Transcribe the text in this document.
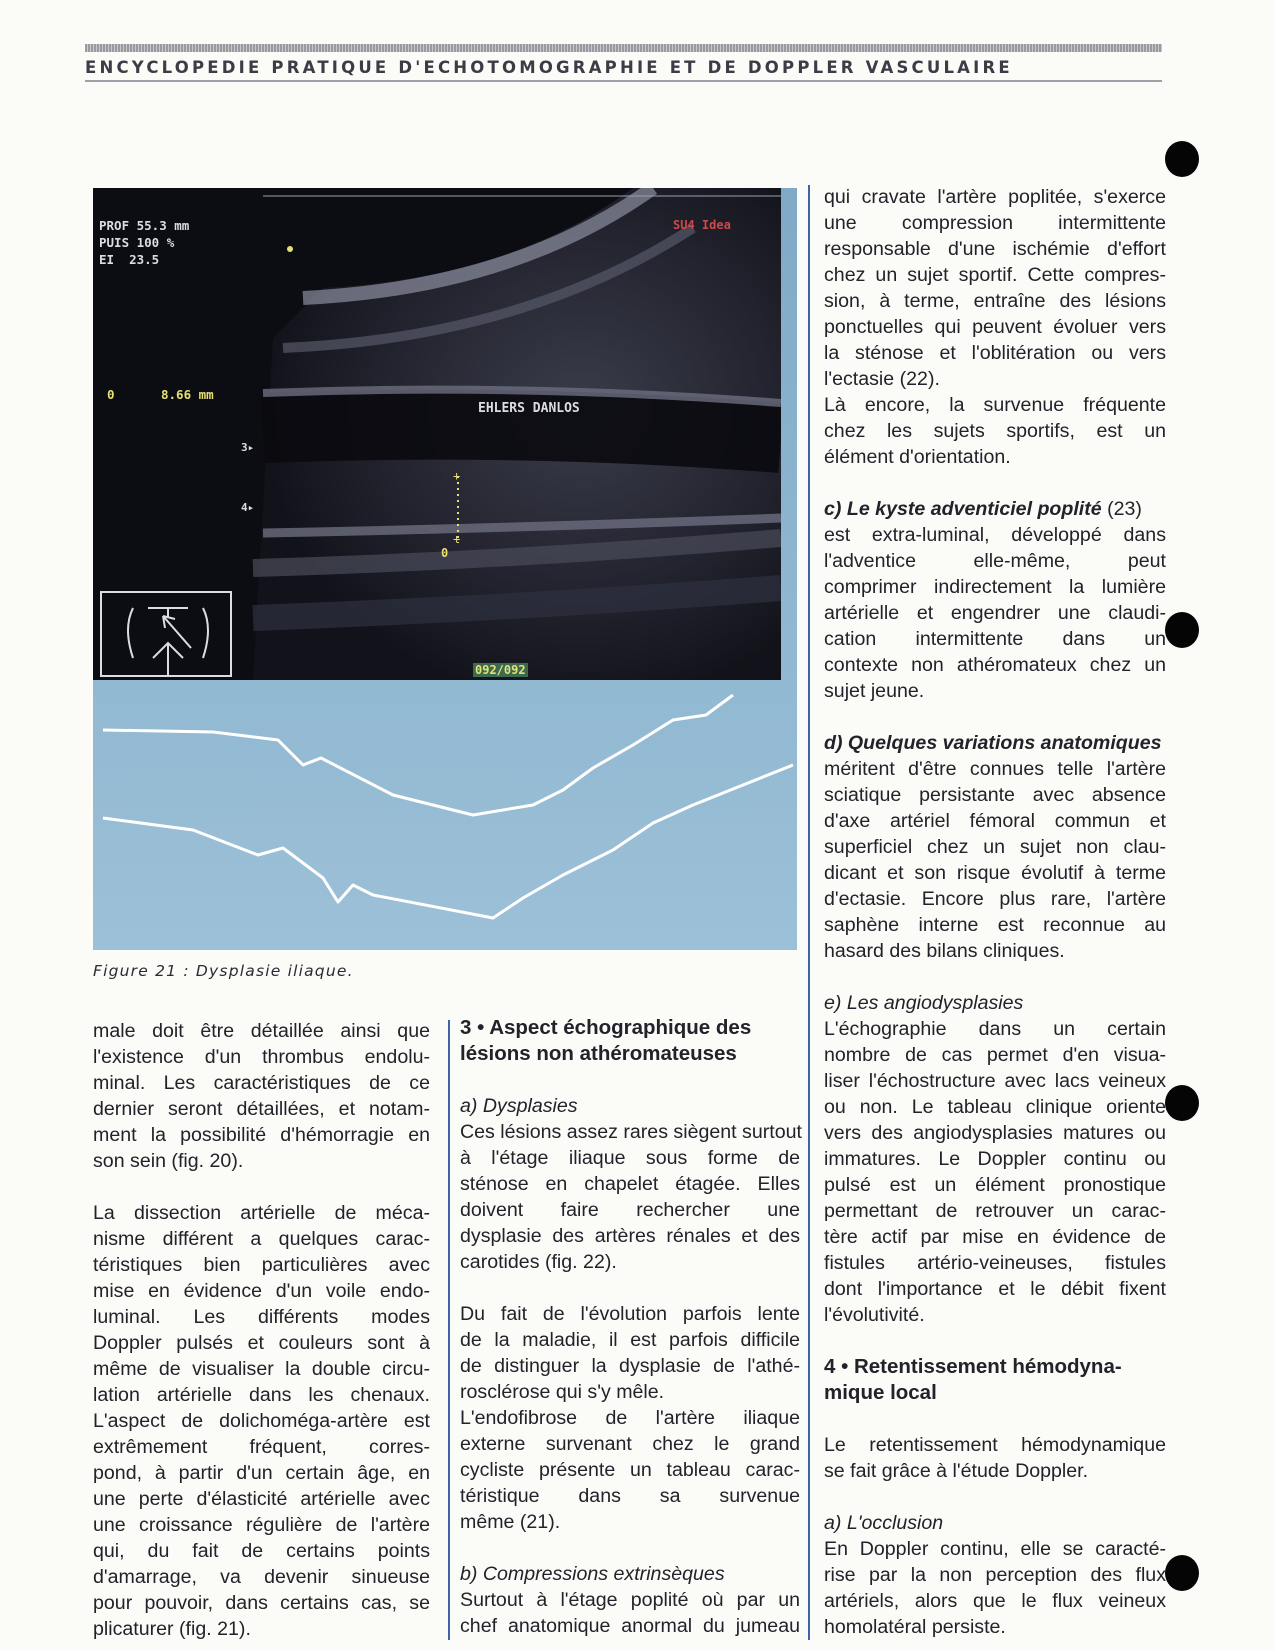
ENCYCLOPEDIE PRATIQUE D'ECHOTOMOGRAPHIE ET DE DOPPLER VASCULAIRE
+
+
PROF 55.3 mm
PUIS 100 %
EI  23.5
0	8.66 mm
SU4 Idea
EHLERS DANLOS
3▸
4▸
0
092/092
Figure 21 : Dysplasie iliaque.
male doit être détaillée ainsi que
l'existence d'un thrombus endolu-
minal. Les caractéristiques de ce
dernier seront détaillées, et notam-
ment la possibilité d'hémorragie en
son sein (fig. 20).
La dissection artérielle de méca-
nisme différent a quelques carac-
téristiques bien particulières avec
mise en évidence d'un voile endo-
luminal. Les différents modes
Doppler pulsés et couleurs sont à
même de visualiser la double circu-
lation artérielle dans les chenaux.
L'aspect de dolichoméga-artère est
extrêmement fréquent, corres-
pond, à partir d'un certain âge, en
une perte d'élasticité artérielle avec
une croissance régulière de l'artère
qui, du fait de certains points
d'amarrage, va devenir sinueuse
pour pouvoir, dans certains cas, se
plicaturer (fig. 21).
3 • Aspect échographique des
lésions non athéromateuses
a) Dysplasies
Ces lésions assez rares siègent surtout
à l'étage iliaque sous forme de
sténose en chapelet étagée. Elles
doivent faire rechercher une
dysplasie des artères rénales et des
carotides (fig. 22).
Du fait de l'évolution parfois lente
de la maladie, il est parfois difficile
de distinguer la dysplasie de l'athé-
rosclérose qui s'y mêle.
L'endofibrose de l'artère iliaque
externe survenant chez le grand
cycliste présente un tableau carac-
téristique dans sa survenue
même (21).
b) Compressions extrinsèques
Surtout à l'étage poplité où par un
chef anatomique anormal du jumeau
qui cravate l'artère poplitée, s'exerce
une compression intermittente
responsable d'une ischémie d'effort
chez un sujet sportif. Cette compres-
sion, à terme, entraîne des lésions
ponctuelles qui peuvent évoluer vers
la sténose et l'oblitération ou vers
l'ectasie (22).
Là encore, la survenue fréquente
chez les sujets sportifs, est un
élément d'orientation.
c) Le kyste adventiciel poplité (23)
est extra-luminal, développé dans
l'adventice elle-même, peut
comprimer indirectement la lumière
artérielle et engendrer une claudi-
cation intermittente dans un
contexte non athéromateux chez un
sujet jeune.
d) Quelques variations anatomiques
méritent d'être connues telle l'artère
sciatique persistante avec absence
d'axe artériel fémoral commun et
superficiel chez un sujet non clau-
dicant et son risque évolutif à terme
d'ectasie. Encore plus rare, l'artère
saphène interne est reconnue au
hasard des bilans cliniques.
e) Les angiodysplasies
L'échographie dans un certain
nombre de cas permet d'en visua-
liser l'échostructure avec lacs veineux
ou non. Le tableau clinique oriente
vers des angiodysplasies matures ou
immatures. Le Doppler continu ou
pulsé est un élément pronostique
permettant de retrouver un carac-
tère actif par mise en évidence de
fistules artério-veineuses, fistules
dont l'importance et le débit fixent
l'évolutivité.
4 • Retentissement hémodyna-
mique local
Le retentissement hémodynamique
se fait grâce à l'étude Doppler.
a) L'occlusion
En Doppler continu, elle se caracté-
rise par la non perception des flux
artériels, alors que le flux veineux
homolatéral persiste.
